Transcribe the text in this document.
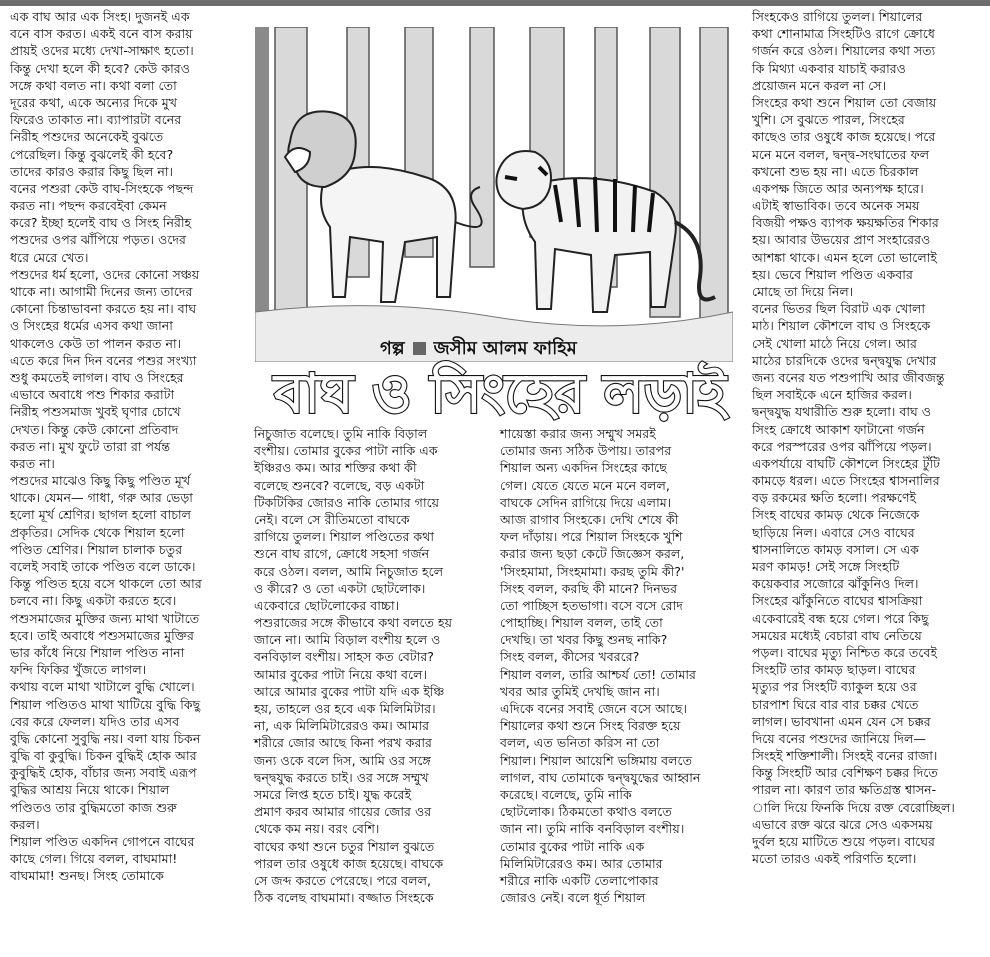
এক বাঘ আর এক সিংহ। দুজনই এক
বনে বাস করত। একই বনে বাস করায়
প্রায়ই ওদের মধ্যে দেখা-সাক্ষাৎ হতো।
কিন্তু দেখা হলে কী হবে? কেউ কারও
সঙ্গে কথা বলত না। কথা বলা তো
দূরের কথা, একে অন্যের দিকে মুখ
ফিরেও তাকাত না। ব্যাপারটা বনের
নিরীহ পশুদের অনেকেই বুঝতে
পেরেছিল। কিন্তু বুঝলেই কী হবে?
তাদের কারও করার কিছু ছিল না।
বনের পশুরা কেউ বাঘ-সিংহকে পছন্দ
করত না। পছন্দ করবেইবা কেমন
করে? ইচ্ছা হলেই বাঘ ও সিংহ নিরীহ
পশুদের ওপর ঝাঁপিয়ে পড়ত। ওদের
ধরে মেরে খেত।
পশুদের ধর্ম হলো, ওদের কোনো সঞ্চয়
থাকে না। আগামী দিনের জন্য তাদের
কোনো চিন্তাভাবনা করতে হয় না। বাঘ
ও সিংহের ধর্মের এসব কথা জানা
থাকলেও কেউ তা পালন করত না।
এতে করে দিন দিন বনের পশুর সংখ্যা
শুধু কমতেই লাগল। বাঘ ও সিংহের
এভাবে অবাধে পশু শিকার করাটা
নিরীহ পশুসমাজ খুবই ঘৃণার চোখে
দেখত। কিন্তু কেউ কোনো প্রতিবাদ
করত না। মুখ ফুটে তারা রা পর্যন্ত
করত না।
পশুদের মাঝেও কিছু কিছু পণ্ডিত মূর্খ
থাকে। যেমন— গাধা, গরু আর ভেড়া
হলো মূর্খ শ্রেণির। ছাগল হলো বাচাল
প্রকৃতির। সেদিক থেকে শিয়াল হলো
পণ্ডিত শ্রেণির। শিয়াল চালাক চতুর
বলেই সবাই তাকে পণ্ডিত বলে ডাকে।
কিন্তু পণ্ডিত হয়ে বসে থাকলে তো আর
চলবে না। কিছু একটা করতে হবে।
পশুসমাজের মুক্তির জন্য মাথা খাটাতে
হবে। তাই অবাধে পশুসমাজের মুক্তির
ভার কাঁধে নিয়ে শিয়াল পণ্ডিত নানা
ফন্দি ফিকির খুঁজতে লাগল।
কথায় বলে মাথা খাটালে বুদ্ধি খোলে।
শিয়াল পণ্ডিতও মাথা খাটিয়ে বুদ্ধি কিছু
বের করে ফেলল। যদিও তার এসব
বুদ্ধি কোনো সুবুদ্ধি নয়। বলা যায় চিকন
বুদ্ধি বা কুবুদ্ধি। চিকন বুদ্ধিই হোক আর
কুবুদ্ধিই হোক, বাঁচার জন্য সবাই এরূপ
বুদ্ধির আশ্রয় নিয়ে থাকে। শিয়াল
পণ্ডিতও তার বুদ্ধিমতো কাজ শুরু
করল।
শিয়াল পণ্ডিত একদিন গোপনে বাঘের
কাছে গেল। গিয়ে বলল, বাঘমামা!
বাঘমামা! শুনছ। সিংহ তোমাকে
নিচুজাত বলেছে। তুমি নাকি বিড়াল
বংশীয়। তোমার বুকের পাটা নাকি এক
ইঞ্চিরও কম। আর শক্তির কথা কী
বলেছে শুনবে? বলেছে, বড় একটা
টিকটিকির জোরও নাকি তোমার গায়ে
নেই। বলে সে রীতিমতো বাঘকে
রাগিয়ে তুলল। শিয়াল পণ্ডিতের কথা
শুনে বাঘ রাগে, ক্রোধে সহসা গর্জন
করে ওঠল। বলল, আমি নিচুজাত হলে
ও কীরে? ও তো একটা ছোটলোক।
একেবারে ছোটলোকের বাচ্চা।
পশুরাজের সঙ্গে কীভাবে কথা বলতে হয়
জানে না। আমি বিড়াল বংশীয় হলে ও
বনবিড়াল বংশীয়। সাহস কত বেটার?
আমার বুকের পাটা নিয়ে কথা বলে।
আরে আমার বুকের পাটা যদি এক ইঞ্চি
হয়, তাহলে ওর হবে এক মিলিমিটার।
না, এক মিলিমিটারেরও কম। আমার
শরীরে জোর আছে কিনা পরখ করার
জন্য ওকে বলে দিস, আমি ওর সঙ্গে
দ্বন্দ্বযুদ্ধ করতে চাই। ওর সঙ্গে সম্মুখ
সমরে লিপ্ত হতে চাই। যুদ্ধ করেই
প্রমাণ করব আমার গায়ের জোর ওর
থেকে কম নয়। বরং বেশি।
বাঘের কথা শুনে চতুর শিয়াল বুঝতে
পারল তার ওষুধে কাজ হয়েছে। বাঘকে
সে জব্দ করতে পেরেছে। পরে বলল,
ঠিক বলেছ বাঘমামা। বজ্জাত সিংহকে
শায়েস্তা করার জন্য সম্মুখ সমরই
তোমার জন্য সঠিক উপায়। তারপর
শিয়াল অন্য একদিন সিংহের কাছে
গেল। যেতে যেতে মনে মনে বলল,
বাঘকে সেদিন রাগিয়ে দিয়ে এলাম।
আজ রাগাব সিংহকে। দেখি শেষে কী
ফল দাঁড়ায়। পরে শিয়াল সিংহকে খুশি
করার জন্য ছড়া কেটে জিজ্ঞেস করল,
'সিংহমামা, সিংহমামা। করছ তুমি কী?'
সিংহ বলল, করছি কী মানে? দিনভর
তো পাচ্ছিস হতভাগা। বসে বসে রোদ
পোহাচ্ছি। শিয়াল বলল, তাই তো
দেখছি। তা খবর কিছু শুনছ নাকি?
সিংহ বলল, কীসের খবররে?
শিয়াল বলল, তারি আশ্চর্য তো! তোমার
খবর আর তুমিই দেখছি জান না।
এদিকে বনের সবাই জেনে বসে আছে।
শিয়ালের কথা শুনে সিংহ বিরক্ত হয়ে
বলল, এত ভনিতা করিস না তো
শিয়াল। শিয়াল আয়েশি ভঙ্গিমায় বলতে
লাগল, বাঘ তোমাকে দ্বন্দ্বযুদ্ধের আহ্বান
করেছে। বলেছে, তুমি নাকি
ছোটলোক। ঠিকমতো কথাও বলতে
জান না। তুমি নাকি বনবিড়াল বংশীয়।
তোমার বুকের পাটা নাকি এক
মিলিমিটারেরও কম। আর তোমার
শরীরে নাকি একটি তেলাপোকার
জোরও নেই। বলে ধূর্ত শিয়াল
সিংহকেও রাগিয়ে তুলল। শিয়ালের
কথা শোনামাত্র সিংহটিও রাগে ক্রোধে
গর্জন করে ওঠল। শিয়ালের কথা সত্য
কি মিথ্যা একবার যাচাই করারও
প্রয়োজন মনে করল না সে।
সিংহের কথা শুনে শিয়াল তো বেজায়
খুশি। সে বুঝতে পারল, সিংহের
কাছেও তার ওষুধে কাজ হয়েছে। পরে
মনে মনে বলল, দ্বন্দ্ব-সংঘাতের ফল
কখনো শুভ হয় না। এতে চিরকাল
একপক্ষ জিতে আর অন্যপক্ষ হারে।
এটাই স্বাভাবিক। তবে অনেক সময়
বিজয়ী পক্ষও ব্যাপক ক্ষয়ক্ষতির শিকার
হয়। আবার উভয়ের প্রাণ সংহারেরও
আশঙ্কা থাকে। এমন হলে তো ভালোই
হয়। ভেবে শিয়াল পণ্ডিত একবার
মোছে তা দিয়ে নিল।
বনের ভিতর ছিল বিরাট এক খোলা
মাঠ। শিয়াল কৌশলে বাঘ ও সিংহকে
সেই খোলা মাঠে নিয়ে গেল। আর
মাঠের চারদিকে ওদের দ্বন্দ্বযুদ্ধ দেখার
জন্য বনের যত পশুপাখি আর জীবজন্তু
ছিল সবাইকে এনে হাজির করল।
দ্বন্দ্বযুদ্ধ যথারীতি শুরু হলো। বাঘ ও
সিংহ ক্রোধে আকাশ ফাটানো গর্জন
করে পরস্পরের ওপর ঝাঁপিয়ে পড়ল।
একপর্যায়ে বাঘটি কৌশলে সিংহের টুঁটি
কামড়ে ধরল। এতে সিংহের শ্বাসনালির
বড় রকমের ক্ষতি হলো। পরক্ষণেই
সিংহ বাঘের কামড় থেকে নিজেকে
ছাড়িয়ে নিল। এবারে সেও বাঘের
শ্বাসনালিতে কামড় বসাল। সে এক
মরণ কামড়! সেই সঙ্গে সিংহটি
কয়েকবার সজোরে ঝাঁকুনিও দিল।
সিংহের ঝাঁকুনিতে বাঘের শ্বাসক্রিয়া
একেবারেই বন্ধ হয়ে গেল। পরে কিছু
সময়ের মধ্যেই বেচারা বাঘ নেতিয়ে
পড়ল। বাঘের মৃত্যু নিশ্চিত করে তবেই
সিংহটি তার কামড় ছাড়ল। বাঘের
মৃত্যুর পর সিংহটি ব্যাকুল হয়ে ওর
চারপাশ ঘিরে বার বার চক্কর খেতে
লাগল। ভাবখানা এমন যেন সে চক্কর
দিয়ে বনের পশুদের জানিয়ে দিল—
সিংহই শক্তিশালী। সিংহই বনের রাজা।
কিন্তু সিংহটি আর বেশিক্ষণ চক্কর দিতে
পারল না। কারণ তার ক্ষতিগ্রস্ত শ্বাসন-
ালি দিয়ে ফিনকি দিয়ে রক্ত বেরোচ্ছিল।
এভাবে রক্ত ঝরে ঝরে সেও একসময়
দুর্বল হয়ে মাটিতে শুয়ে পড়ল। বাঘের
মতো তারও একই পরিণতি হলো।
গল্প জসীম আলম ফাহিম
বাঘ ও সিংহের লড়াই
